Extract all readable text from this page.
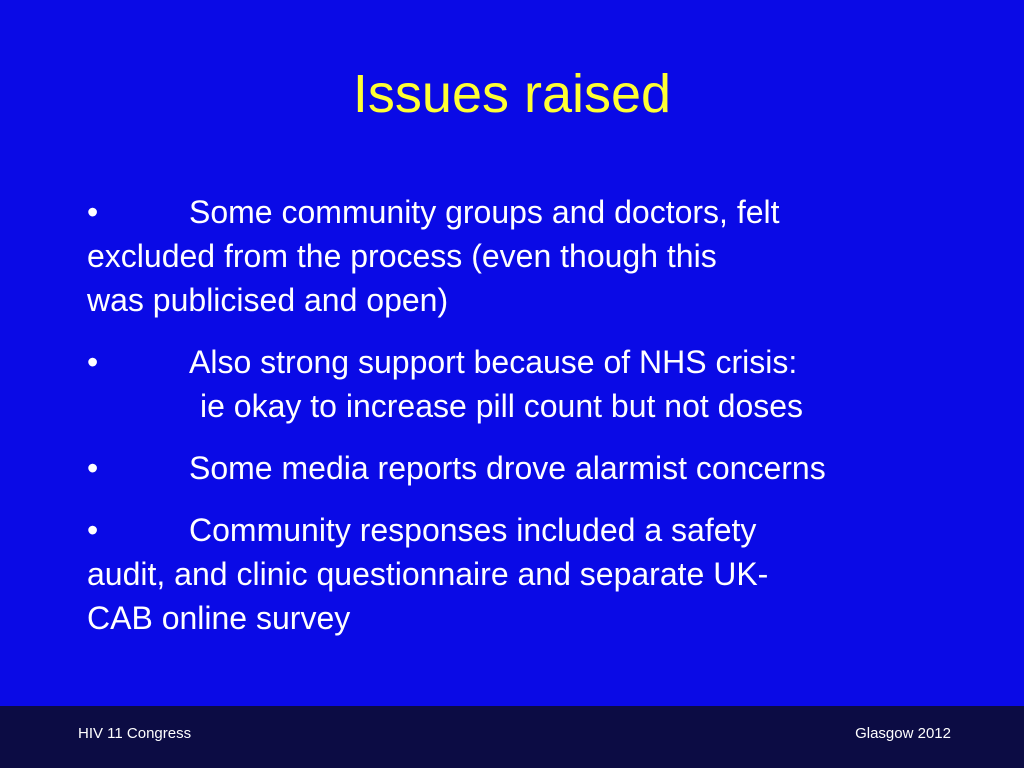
Issues raised
•	Some community groups and doctors, felt
excluded from the process (even though this
was publicised and open)
•	Also strong support because of NHS crisis:
ie okay to increase pill count but not doses
•	Some media reports drove alarmist concerns
•	Community responses included a safety
audit, and clinic questionnaire and separate UK-
CAB online survey
HIV 11 Congress	Glasgow 2012
